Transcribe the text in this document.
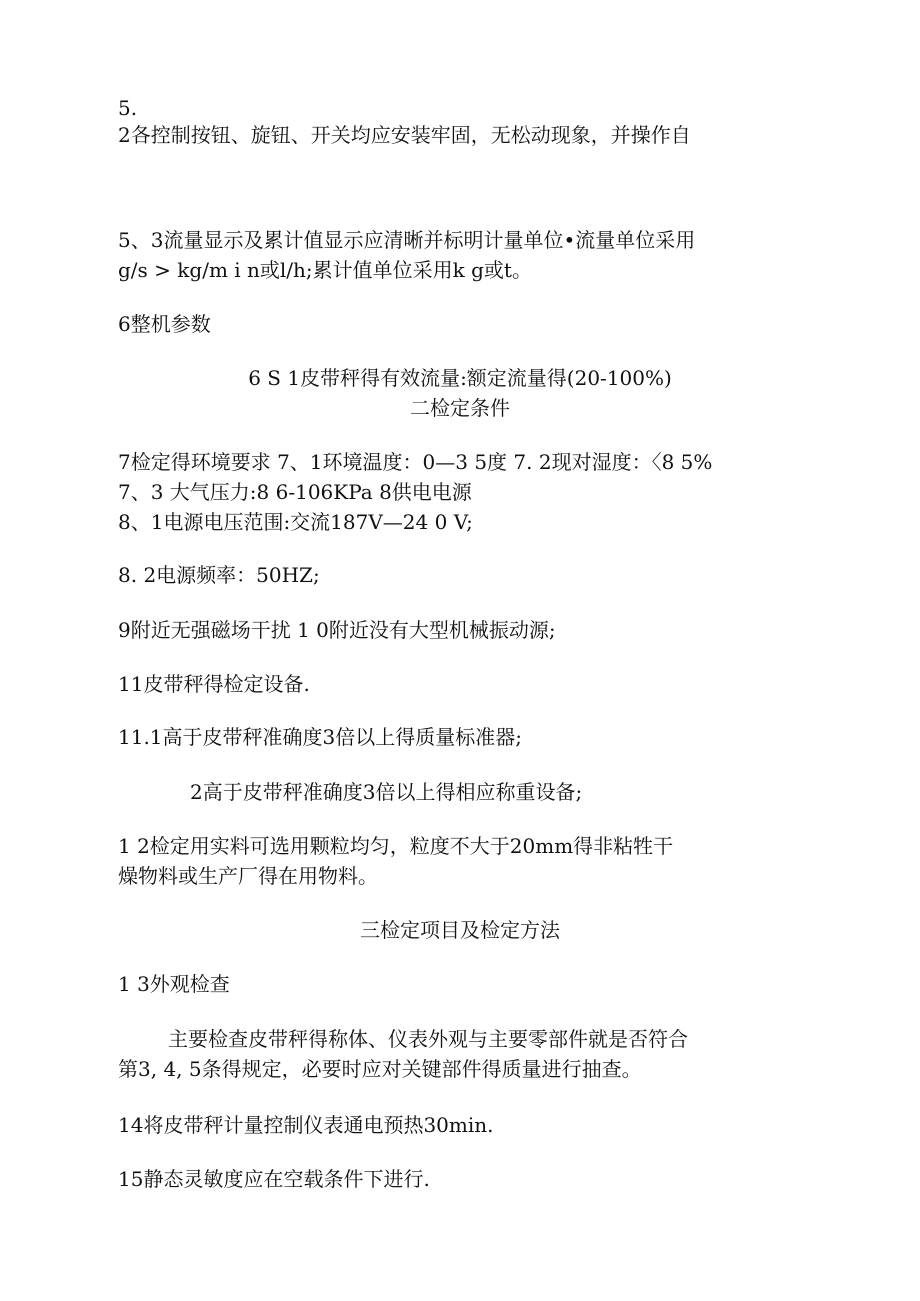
5.
2各控制按钮、旋钮、开关均应安装牢固，无松动现象，并操作自
5、3流量显示及累计值显示应清晰并标明计量单位•流量单位采用
g/s > kg/m i n或l/h;累计值单位采用k g或t。
6整机参数
6 S 1皮带秤得有效流量:额定流量得(20-100%)
二检定条件
7检定得环境要求 7、1环境温度：0—3 5度 7. 2现对湿度：〈8 5%
7、3 大气压力:8 6-106KPa 8供电电源
8、1电源电压范围:交流187V—24 0 V;
8. 2电源频率：50HZ;
9附近无强磁场干扰 1 0附近没有大型机械振动源;
11皮带秤得检定设备.
11.1高于皮带秤准确度3倍以上得质量标准器;
2高于皮带秤准确度3倍以上得相应称重设备;
1 2检定用实料可选用颗粒均匀，粒度不大于20mm得非粘牲干
燥物料或生产厂得在用物料。
三检定项目及检定方法
1 3外观检查
主要检查皮带秤得称体、仪表外观与主要零部件就是否符合
第3, 4, 5条得规定，必要时应对关键部件得质量进行抽查。
14将皮带秤计量控制仪表通电预热30min.
15静态灵敏度应在空载条件下进行.
